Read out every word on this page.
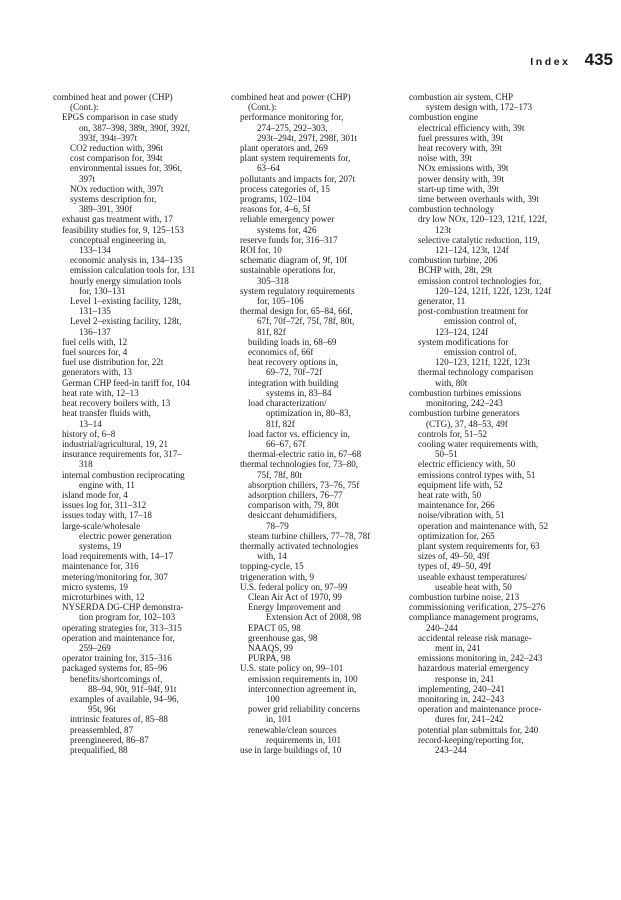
Index 435
combined heat and power (CHP)
(Cont.):
EPGS comparison in case study
on, 387–398, 389t, 390f, 392f,
393f, 394t–397t
CO2 reduction with, 396t
cost comparison for, 394t
environmental issues for, 396t,
397t
NOx reduction with, 397t
systems description for,
389–391, 390f
exhaust gas treatment with, 17
feasibility studies for, 9, 125–153
conceptual engineering in,
133–134
economic analysis in, 134–135
emission calculation tools for, 131
hourly energy simulation tools
for, 130–131
Level 1–existing facility, 128t,
131–135
Level 2–existing facility, 128t,
136–137
fuel cells with, 12
fuel sources for, 4
fuel use distribution for, 22t
generators with, 13
German CHP feed-in tariff for, 104
heat rate with, 12–13
heat recovery boilers with, 13
heat transfer fluids with,
13–14
history of, 6–8
industrial/agricultural, 19, 21
insurance requirements for, 317–
318
internal combustion reciprocating
engine with, 11
island mode for, 4
issues log for, 311–312
issues today with, 17–18
large-scale/wholesale
electric power generation
systems, 19
load requirements with, 14–17
maintenance for, 316
metering/monitoring for, 307
micro systems, 19
microturbines with, 12
NYSERDA DG-CHP demonstra-
tion program for, 102–103
operating strategies for, 313–315
operation and maintenance for,
259–269
operator training for, 315–316
packaged systems for, 85–96
benefits/shortcomings of,
88–94, 90t, 91f–94f, 91t
examples of available, 94–96,
95t, 96t
intrinsic features of, 85–88
preassembled, 87
preengineered, 86–87
prequalified, 88
combined heat and power (CHP)
(Cont.):
performance monitoring for,
274–275, 292–303,
293t–294t, 297f, 298f, 301t
plant operators and, 269
plant system requirements for,
63–64
pollutants and impacts for, 207t
process categories of, 15
programs, 102–104
reasons for, 4–6, 5f
reliable emergency power
systems for, 426
reserve funds for, 316–317
ROI for, 10
schematic diagram of, 9f, 10f
sustainable operations for,
305–318
system regulatory requirements
for, 105–106
thermal design for, 65–84, 66f,
67f, 70f–72f, 75f, 78f, 80t,
81f, 82f
building loads in, 68–69
economics of, 66f
heat recovery options in,
69–72, 70f–72f
integration with building
systems in, 83–84
load characterization/
optimization in, 80–83,
81f, 82f
load factor vs. efficiency in,
66–67, 67f
thermal-electric ratio in, 67–68
thermal technologies for, 73–80,
75f, 78f, 80t
absorption chillers, 73–76, 75f
adsorption chillers, 76–77
comparison with, 79, 80t
desiccant dehumidifiers,
78–79
steam turbine chillers, 77–78, 78f
thermally activated technologies
with, 14
topping-cycle, 15
trigeneration with, 9
U.S. federal policy on, 97–99
Clean Air Act of 1970, 99
Energy Improvement and
Extension Act of 2008, 98
EPACT 05, 98
greenhouse gas, 98
NAAQS, 99
PURPA, 98
U.S. state policy on, 99–101
emission requirements in, 100
interconnection agreement in,
100
power grid reliability concerns
in, 101
renewable/clean sources
requirements in, 101
use in large buildings of, 10
combustion air system, CHP
system design with, 172–173
combustion engine
electrical efficiency with, 39t
fuel pressures with, 39t
heat recovery with, 39t
noise with, 39t
NOx emissions with, 39t
power density with, 39t
start-up time with, 39t
time between overhauls with, 39t
combustion technology
dry low NOx, 120–123, 121f, 122f,
123t
selective catalytic reduction, 119,
121–124, 123t, 124f
combustion turbine, 206
BCHP with, 28t, 29t
emission control technologies for,
120–124, 121f, 122f, 123t, 124f
generator, 11
post-combustion treatment for
emission control of,
123–124, 124f
system modifications for
emission control of,
120–123, 121f, 122f, 123t
thermal technology comparison
with, 80t
combustion turbines emissions
monitoring, 242–243
combustion turbine generators
(CTG), 37, 48–53, 49f
controls for, 51–52
cooling water requirements with,
50–51
electric efficiency with, 50
emissions control types with, 51
equipment life with, 52
heat rate with, 50
maintenance for, 266
noise/vibration with, 51
operation and maintenance with, 52
optimization for, 265
plant system requirements for, 63
sizes of, 49–50, 49f
types of, 49–50, 49f
useable exhaust temperatures/
useable heat with, 50
combustion turbine noise, 213
commissioning verification, 275–276
compliance management programs,
240–244
accidental release risk manage-
ment in, 241
emissions monitoring in, 242–243
hazardous material emergency
response in, 241
implementing, 240–241
monitoring in, 242–243
operation and maintenance proce-
dures for, 241–242
potential plan submittals for, 240
record-keeping/reporting for,
243–244
